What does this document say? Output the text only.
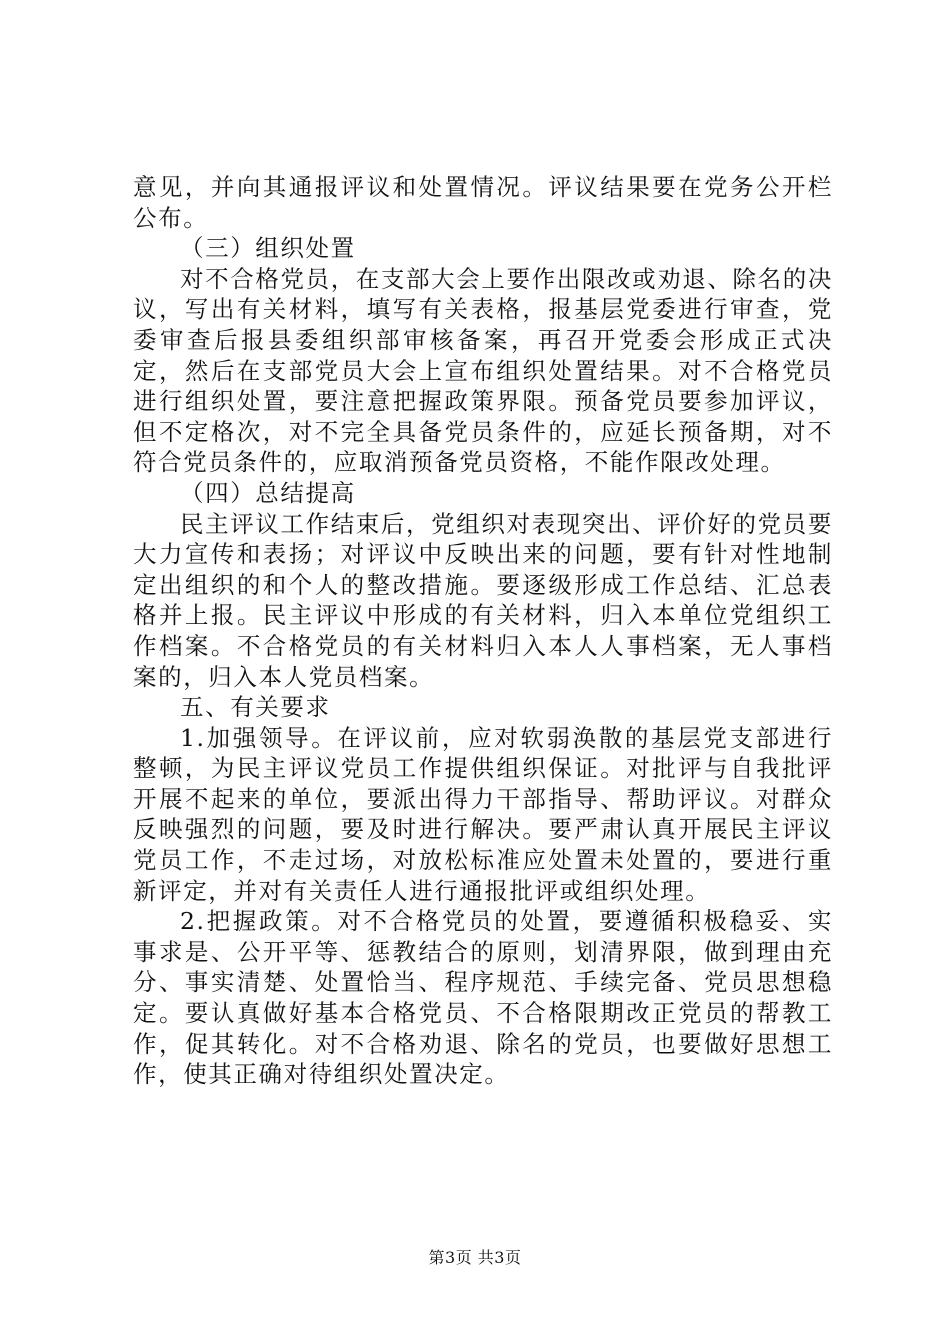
意见，并向其通报评议和处置情况。评议结果要在党务公开栏公布。

（三）组织处置

对不合格党员，在支部大会上要作出限改或劝退、除名的决议，写出有关材料，填写有关表格，报基层党委进行审查，党委审查后报县委组织部审核备案，再召开党委会形成正式决定，然后在支部党员大会上宣布组织处置结果。对不合格党员进行组织处置，要注意把握政策界限。预备党员要参加评议，但不定格次，对不完全具备党员条件的，应延长预备期，对不符合党员条件的，应取消预备党员资格，不能作限改处理。

（四）总结提高

民主评议工作结束后，党组织对表现突出、评价好的党员要大力宣传和表扬；对评议中反映出来的问题，要有针对性地制定出组织的和个人的整改措施。要逐级形成工作总结、汇总表格并上报。民主评议中形成的有关材料，归入本单位党组织工作档案。不合格党员的有关材料归入本人人事档案，无人事档案的，归入本人党员档案。

五、有关要求

1.加强领导。在评议前，应对软弱涣散的基层党支部进行整顿，为民主评议党员工作提供组织保证。对批评与自我批评开展不起来的单位，要派出得力干部指导、帮助评议。对群众反映强烈的问题，要及时进行解决。要严肃认真开展民主评议党员工作，不走过场，对放松标准应处置未处置的，要进行重新评定，并对有关责任人进行通报批评或组织处理。

2.把握政策。对不合格党员的处置，要遵循积极稳妥、实事求是、公开平等、惩教结合的原则，划清界限，做到理由充分、事实清楚、处置恰当、程序规范、手续完备、党员思想稳定。要认真做好基本合格党员、不合格限期改正党员的帮教工作，促其转化。对不合格劝退、除名的党员，也要做好思想工作，使其正确对待组织处置决定。

第3页 共3页
